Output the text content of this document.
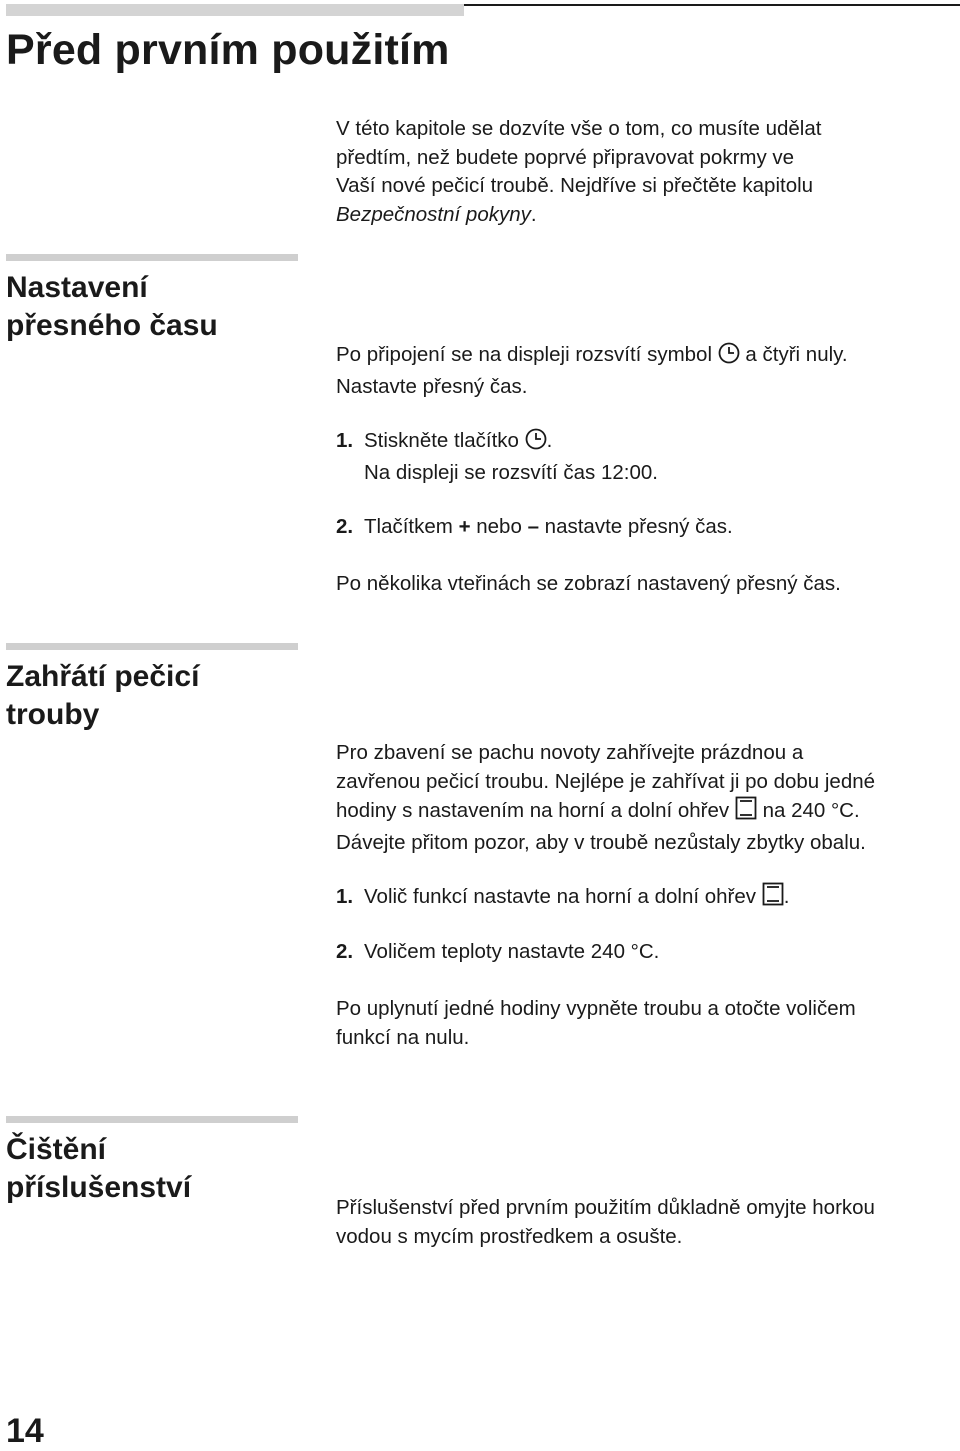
Před prvním použitím

V této kapitole se dozvíte vše o tom, co musíte udělat
předtím, než budete poprvé připravovat pokrmy ve
Vaší nové pečicí troubě. Nejdříve si přečtěte kapitolu
Bezpečnostní pokyny.

Nastavení
přesného času

Po připojení se na displeji rozsvítí symbol a čtyři nuly.
Nastavte přesný čas.

1. Stiskněte tlačítko .
Na displeji se rozsvítí čas 12:00.
2. Tlačítkem + nebo – nastavte přesný čas.
Po několika vteřinách se zobrazí nastavený přesný čas.
Zahřátí pečicí
trouby

Pro zbavení se pachu novoty zahřívejte prázdnou a
zavřenou pečicí troubu. Nejlépe je zahřívat ji po dobu jedné
hodiny s nastavením na horní a dolní ohřev na 240 °C.
Dávejte přitom pozor, aby v troubě nezůstaly zbytky obalu.

1. Volič funkcí nastavte na horní a dolní ohřev .
2. Voličem teploty nastavte 240 °C.

Po uplynutí jedné hodiny vypněte troubu a otočte voličem
funkcí na nulu.

Čištění
příslušenství

Příslušenství před prvním použitím důkladně omyjte horkou
vodou s mycím prostředkem a osušte.

14
